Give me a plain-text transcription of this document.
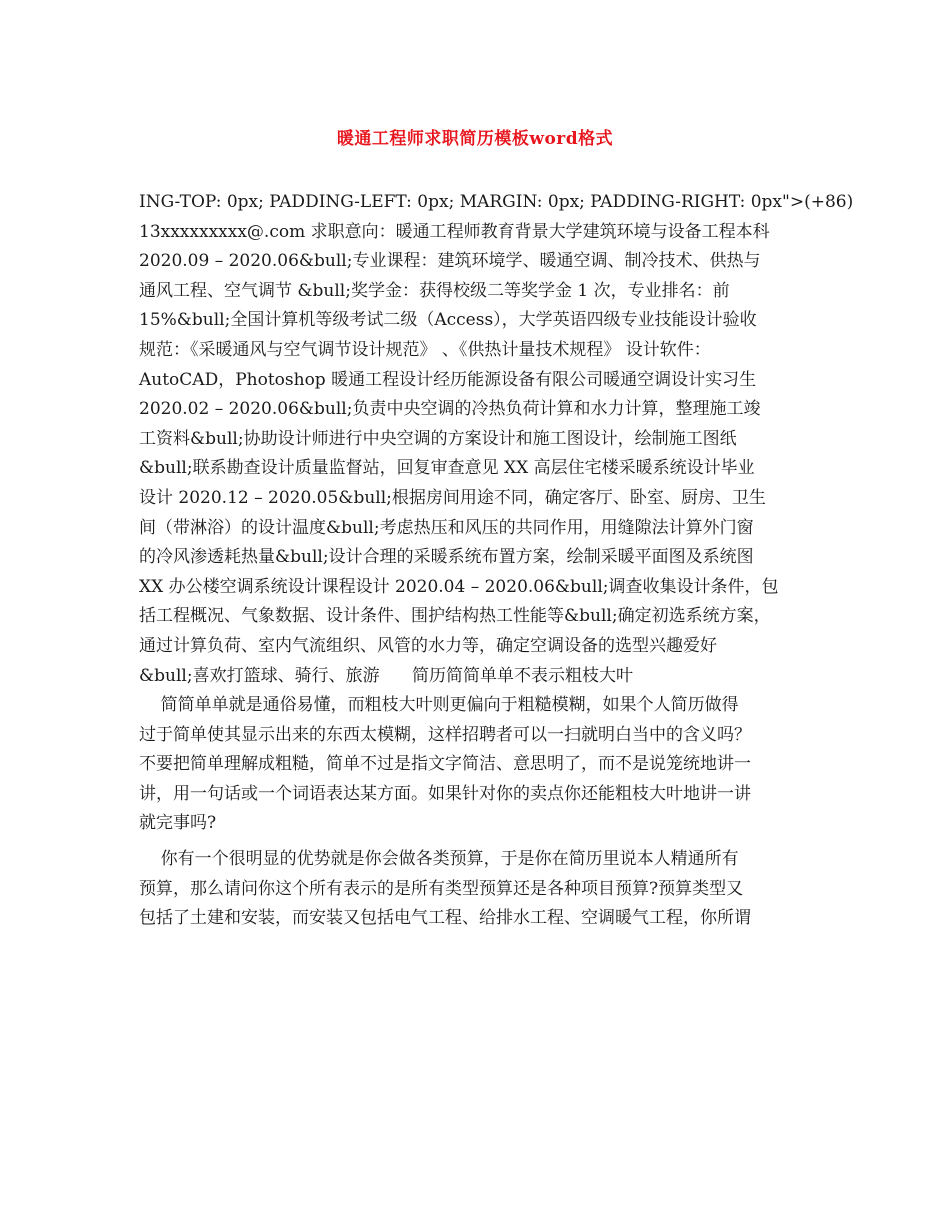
暖通工程师求职简历模板word格式
ING-TOP: 0px; PADDING-LEFT: 0px; MARGIN: 0px; PADDING-RIGHT: 0px">(+86)
13xxxxxxxxx@.com 求职意向：暖通工程师教育背景大学建筑环境与设备工程本科
2020.09 – 2020.06&bull;专业课程：建筑环境学、暖通空调、制冷技术、供热与
通风工程、空气调节 &bull;奖学金：获得校级二等奖学金 1 次，专业排名：前
15%&bull;全国计算机等级考试二级（Access），大学英语四级专业技能设计验收
规范：《采暖通风与空气调节设计规范》 、《供热计量技术规程》 设计软件：
AutoCAD，Photoshop 暖通工程设计经历能源设备有限公司暖通空调设计实习生
2020.02 – 2020.06&bull;负责中央空调的冷热负荷计算和水力计算，整理施工竣
工资料&bull;协助设计师进行中央空调的方案设计和施工图设计，绘制施工图纸
&bull;联系勘查设计质量监督站，回复审查意见 XX 高层住宅楼采暖系统设计毕业
设计 2020.12 – 2020.05&bull;根据房间用途不同，确定客厅、卧室、厨房、卫生
间（带淋浴）的设计温度&bull;考虑热压和风压的共同作用，用缝隙法计算外门窗
的冷风渗透耗热量&bull;设计合理的采暖系统布置方案，绘制采暖平面图及系统图
XX 办公楼空调系统设计课程设计 2020.04 – 2020.06&bull;调查收集设计条件，包
括工程概况、气象数据、设计条件、围护结构热工性能等&bull;确定初选系统方案，
通过计算负荷、室内气流组织、风管的水力等，确定空调设备的选型兴趣爱好
&bull;喜欢打篮球、骑行、旅游      简历简简单单不表示粗枝大叶
简简单单就是通俗易懂，而粗枝大叶则更偏向于粗糙模糊，如果个人简历做得
过于简单使其显示出来的东西太模糊，这样招聘者可以一扫就明白当中的含义吗？
不要把简单理解成粗糙，简单不过是指文字简洁、意思明了，而不是说笼统地讲一
讲，用一句话或一个词语表达某方面。如果针对你的卖点你还能粗枝大叶地讲一讲
就完事吗?
你有一个很明显的优势就是你会做各类预算，于是你在简历里说本人精通所有
预算，那么请问你这个所有表示的是所有类型预算还是各种项目预算?预算类型又
包括了土建和安装，而安装又包括电气工程、给排水工程、空调暖气工程，你所谓
